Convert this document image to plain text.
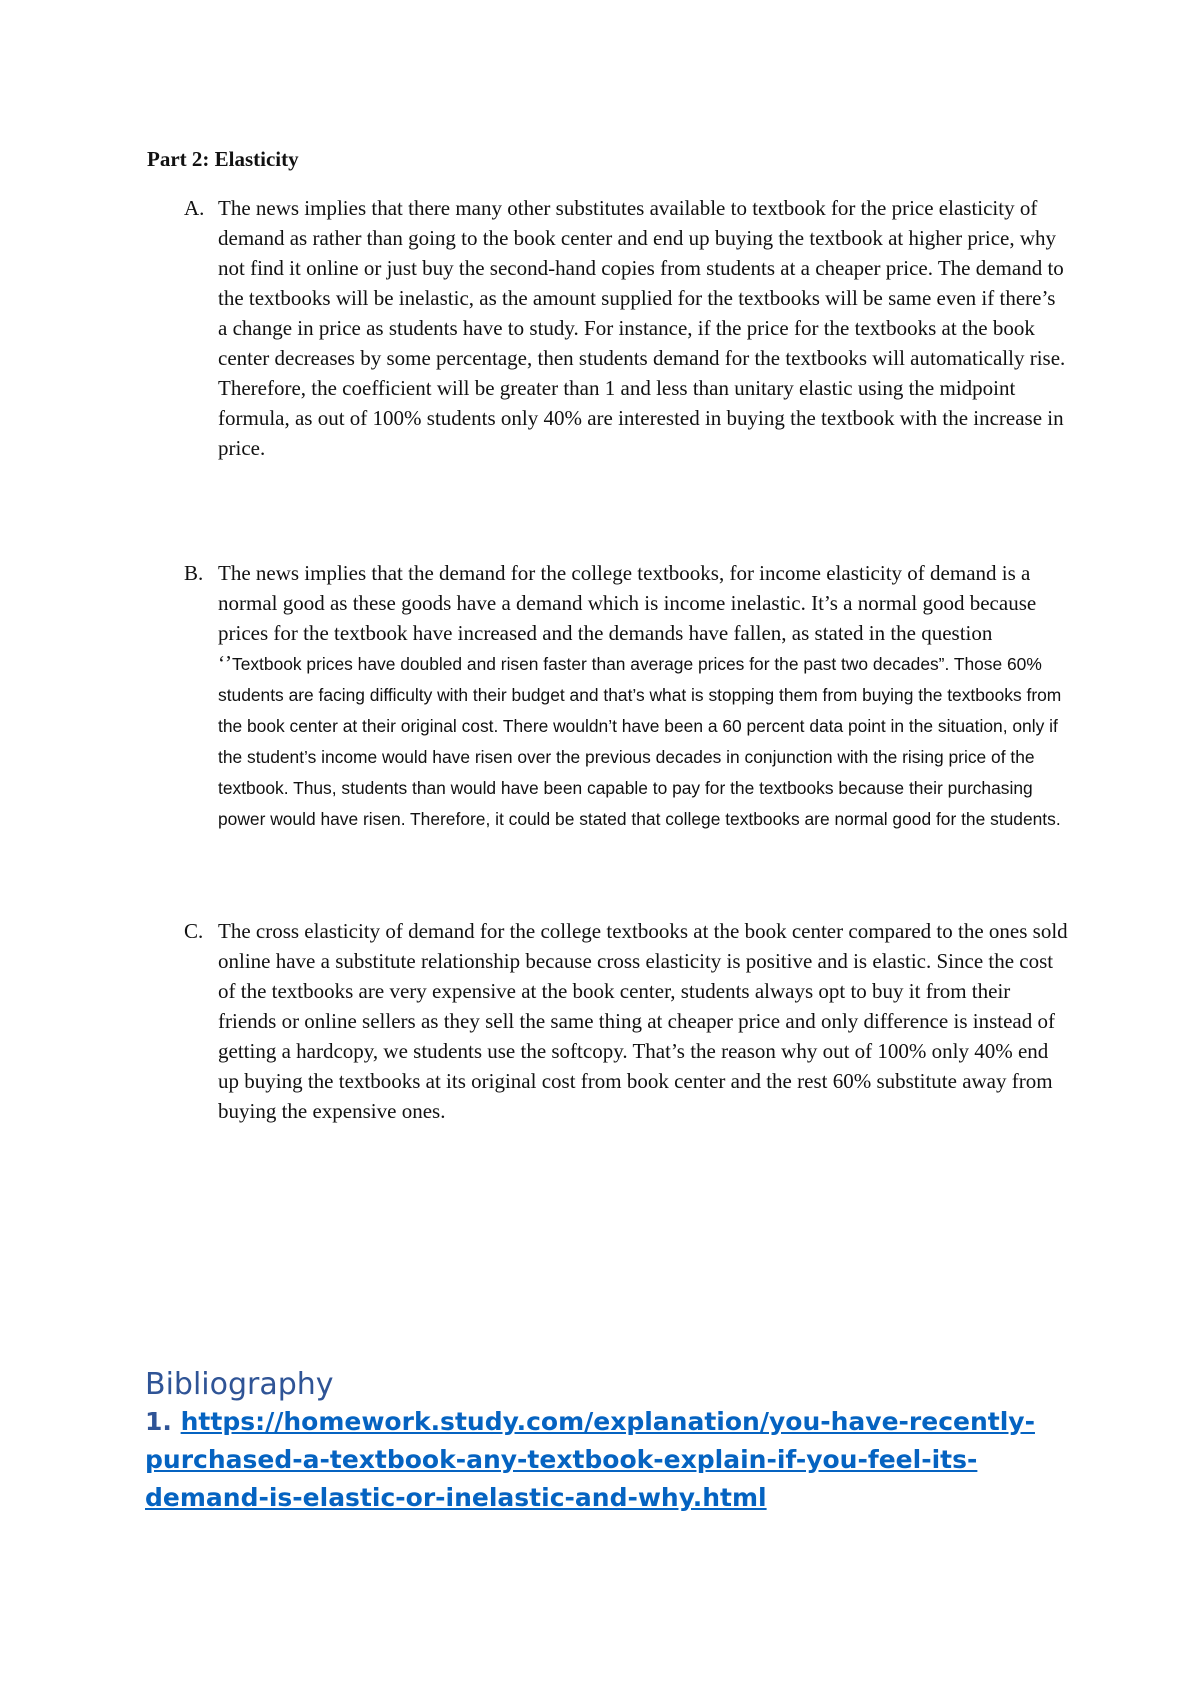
Part 2: Elasticity
A. The news implies that there many other substitutes available to textbook for the price elasticity of demand as rather than going to the book center and end up buying the textbook at higher price, why not find it online or just buy the second-hand copies from students at a cheaper price. The demand to the textbooks will be inelastic, as the amount supplied for the textbooks will be same even if there’s a change in price as students have to study. For instance, if the price for the textbooks at the book center decreases by some percentage, then students demand for the textbooks will automatically rise. Therefore, the coefficient will be greater than 1 and less than unitary elastic using the midpoint formula, as out of 100% students only 40% are interested in buying the textbook with the increase in price.

B. The news implies that the demand for the college textbooks, for income elasticity of demand is a normal good as these goods have a demand which is income inelastic. It’s a normal good because prices for the textbook have increased and the demands have fallen, as stated in the question ‘’Textbook prices have doubled and risen faster than average prices for the past two decades”. Those 60% students are facing difficulty with their budget and that’s what is stopping them from buying the textbooks from the book center at their original cost. There wouldn’t have been a 60 percent data point in the situation, only if the student’s income would have risen over the previous decades in conjunction with the rising price of the textbook. Thus, students than would have been capable to pay for the textbooks because their purchasing power would have risen. Therefore, it could be stated that college textbooks are normal good for the students.

C. The cross elasticity of demand for the college textbooks at the book center compared to the ones sold online have a substitute relationship because cross elasticity is positive and is elastic. Since the cost of the textbooks are very expensive at the book center, students always opt to buy it from their friends or online sellers as they sell the same thing at cheaper price and only difference is instead of getting a hardcopy, we students use the softcopy. That’s the reason why out of 100% only 40% end up buying the textbooks at its original cost from book center and the rest 60% substitute away from buying the expensive ones.

Bibliography

1. https://homework.study.com/explanation/you-have-recently-purchased-a-textbook-any-textbook-explain-if-you-feel-its-demand-is-elastic-or-inelastic-and-why.html
